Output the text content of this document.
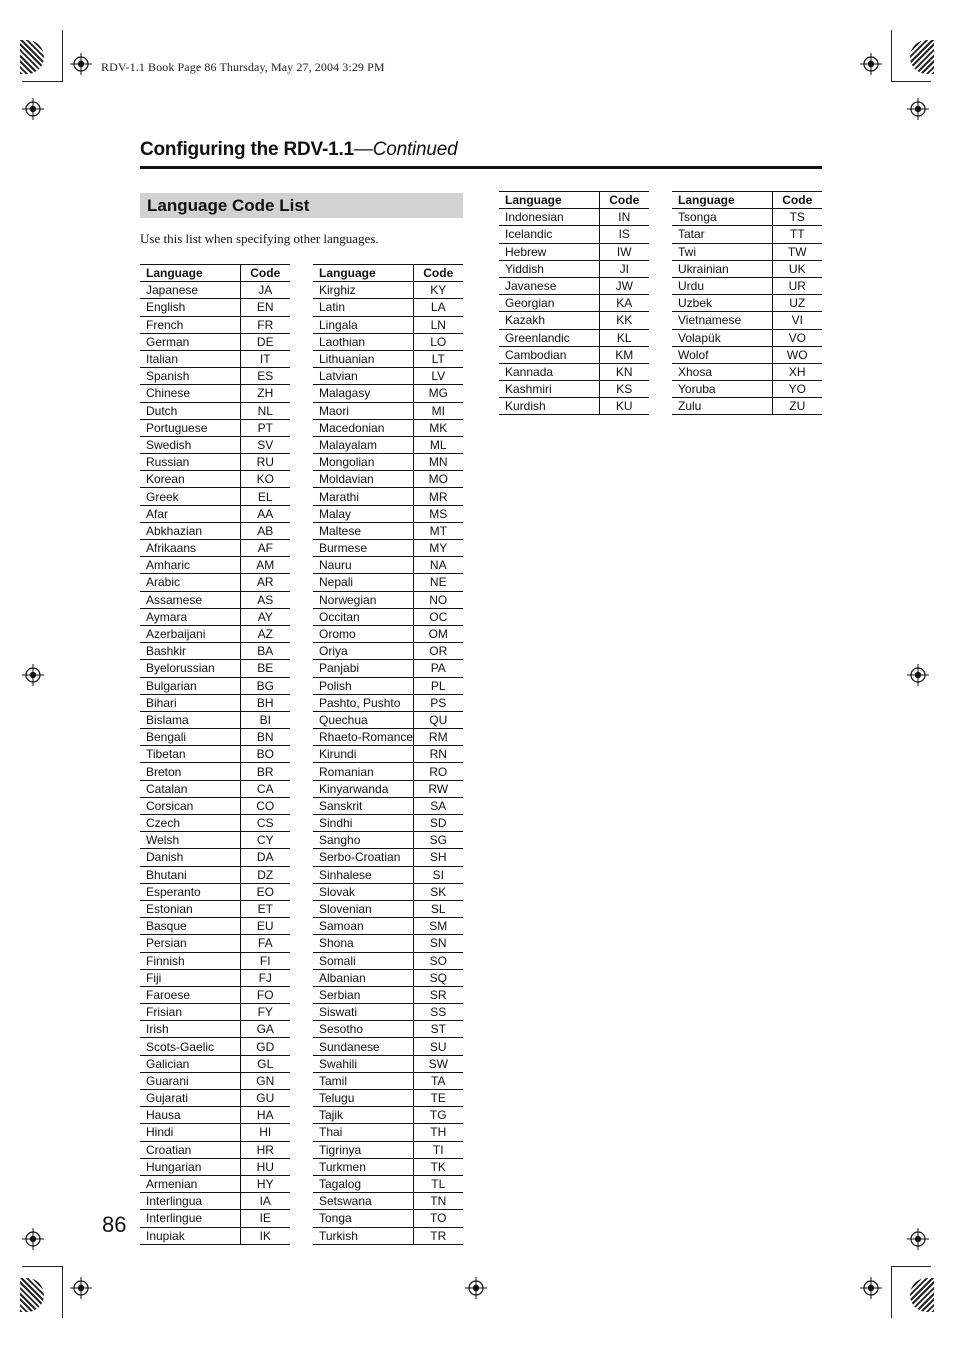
RDV-1.1 Book Page 86 Thursday, May 27, 2004 3:29 PM
Configuring the RDV-1.1—Continued
Language Code List
Use this list when specifying other languages.
Language	Code
Japanese	JA
English	EN
French	FR
German	DE
Italian	IT
Spanish	ES
Chinese	ZH
Dutch	NL
Portuguese	PT
Swedish	SV
Russian	RU
Korean	KO
Greek	EL
Afar	AA
Abkhazian	AB
Afrikaans	AF
Amharic	AM
Arabic	AR
Assamese	AS
Aymara	AY
Azerbaijani	AZ
Bashkir	BA
Byelorussian	BE
Bulgarian	BG
Bihari	BH
Bislama	BI
Bengali	BN
Tibetan	BO
Breton	BR
Catalan	CA
Corsican	CO
Czech	CS
Welsh	CY
Danish	DA
Bhutani	DZ
Esperanto	EO
Estonian	ET
Basque	EU
Persian	FA
Finnish	FI
Fiji	FJ
Faroese	FO
Frisian	FY
Irish	GA
Scots-Gaelic	GD
Galician	GL
Guarani	GN
Gujarati	GU
Hausa	HA
Hindi	HI
Croatian	HR
Hungarian	HU
Armenian	HY
Interlingua	IA
Interlingue	IE
Inupiak	IK
Language	Code
Kirghiz	KY
Latin	LA
Lingala	LN
Laothian	LO
Lithuanian	LT
Latvian	LV
Malagasy	MG
Maori	MI
Macedonian	MK
Malayalam	ML
Mongolian	MN
Moldavian	MO
Marathi	MR
Malay	MS
Maltese	MT
Burmese	MY
Nauru	NA
Nepali	NE
Norwegian	NO
Occitan	OC
Oromo	OM
Oriya	OR
Panjabi	PA
Polish	PL
Pashto, Pushto	PS
Quechua	QU
Rhaeto-Romance	RM
Kirundi	RN
Romanian	RO
Kinyarwanda	RW
Sanskrit	SA
Sindhi	SD
Sangho	SG
Serbo-Croatian	SH
Sinhalese	SI
Slovak	SK
Slovenian	SL
Samoan	SM
Shona	SN
Somali	SO
Albanian	SQ
Serbian	SR
Siswati	SS
Sesotho	ST
Sundanese	SU
Swahili	SW
Tamil	TA
Telugu	TE
Tajik	TG
Thai	TH
Tigrinya	TI
Turkmen	TK
Tagalog	TL
Setswana	TN
Tonga	TO
Turkish	TR
Language	Code
Indonesian	IN
Icelandic	IS
Hebrew	IW
Yiddish	JI
Javanese	JW
Georgian	KA
Kazakh	KK
Greenlandic	KL
Cambodian	KM
Kannada	KN
Kashmiri	KS
Kurdish	KU
Language	Code
Tsonga	TS
Tatar	TT
Twi	TW
Ukrainian	UK
Urdu	UR
Uzbek	UZ
Vietnamese	VI
Volapük	VO
Wolof	WO
Xhosa	XH
Yoruba	YO
Zulu	ZU
86
